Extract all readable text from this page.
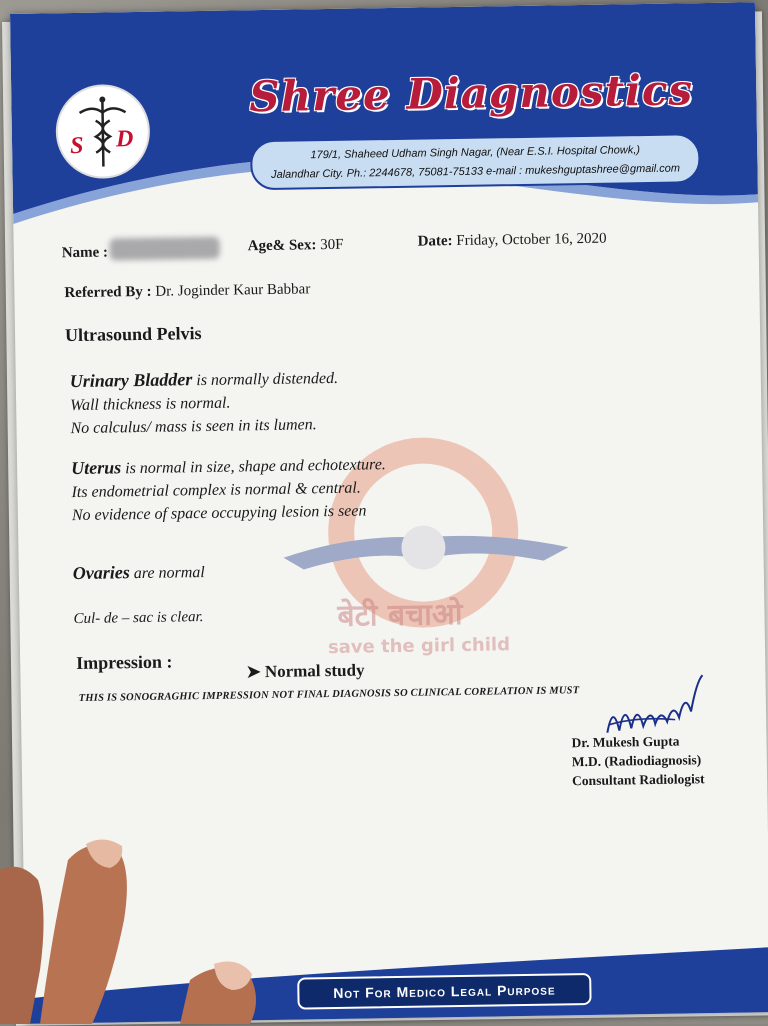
S D
Shree Diagnostics
179/1, Shaheed Udham Singh Nagar, (Near E.S.I. Hospital Chowk,)
Jalandhar City. Ph.: 2244678, 75081-75133 e-mail : mukeshguptashree@gmail.com
बेटी बचाओ
save the girl child
Name :	Age& Sex: 30F	Date: Friday, October 16, 2020
Referred By : Dr. Joginder Kaur Babbar
Ultrasound Pelvis
Urinary Bladder is normally distended.
Wall thickness is normal.
No calculus/ mass is seen in its lumen.
Uterus is normal in size, shape and echotexture.
Its endometrial complex is normal & central.
No evidence of space occupying lesion is seen
Ovaries are normal
Cul- de – sac is clear.
Impression :	➤ Normal study
THIS IS SONOGRAGHIC IMPRESSION NOT FINAL DIAGNOSIS SO CLINICAL CORELATION IS MUST
Dr. Mukesh Gupta
M.D. (Radiodiagnosis)
Consultant Radiologist
Not For Medico Legal Purpose
